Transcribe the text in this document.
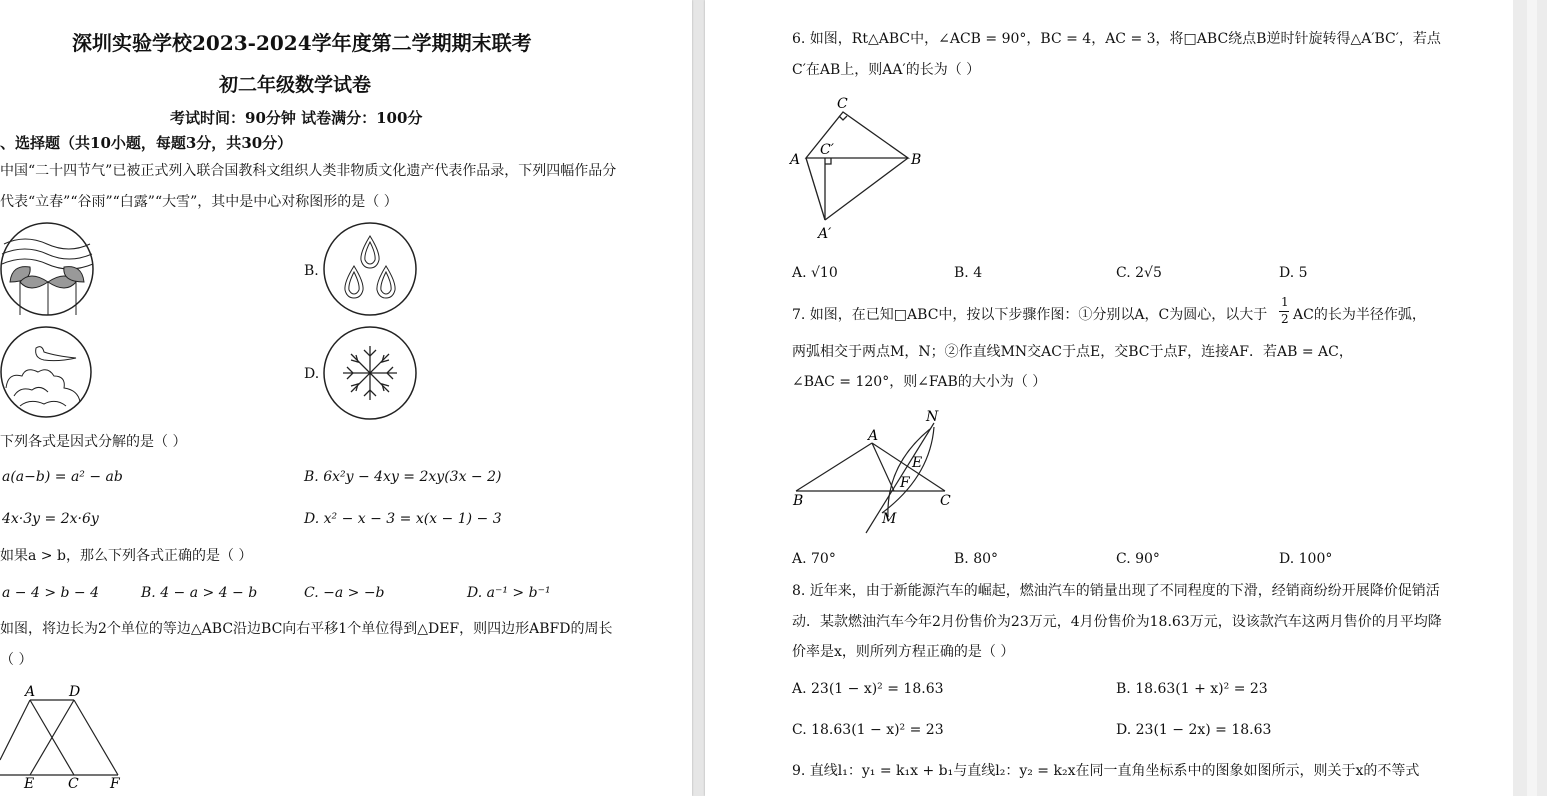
深圳实验学校2023-2024学年度第二学期期末联考
初二年级数学试卷
考试时间：90分钟 试卷满分：100分
、选择题（共10小题，每题3分，共30分）
中国“二十四节气”已被正式列入联合国教科文组织人类非物质文化遗产代表作品录，下列四幅作品分
代表“立春”“谷雨”“白露”“大雪”，其中是中心对称图形的是（ ）
B.
D.
下列各式是因式分解的是（ ）
a(a−b) = a² − ab	B. 6x²y − 4xy = 2xy(3x − 2)
4x·3y = 2x·6y	D. x² − x − 3 = x(x − 1) − 3
如果a > b，那么下列各式正确的是（ ）
a − 4 > b − 4	B. 4 − a > 4 − b	C. −a > −b	D. a⁻¹ > b⁻¹
如图，将边长为2个单位的等边△ABC沿边BC向右平移1个单位得到△DEF，则四边形ABFD的周长
（ ）
A D
E C F
6. 如图，Rt△ABC中，∠ACB = 90°，BC = 4，AC = 3，将□ABC绕点B逆时针旋转得△A′BC′，若点
C′在AB上，则AA′的长为（ ）
C
A
C′
B
A′
A. √10	B. 4	C. 2√5	D. 5
7. 如图，在已知□ABC中，按以下步骤作图：①分别以A，C为圆心，以大于
1
2 AC的长为半径作弧，
两弧相交于两点M，N；②作直线MN交AC于点E，交BC于点F，连接AF．若AB = AC，
∠BAC = 120°，则∠FAB的大小为（ ）
N
A
E
F
B	C
M
A. 70°	B. 80°	C. 90°	D. 100°
8. 近年来，由于新能源汽车的崛起，燃油汽车的销量出现了不同程度的下滑，经销商纷纷开展降价促销活
动．某款燃油汽车今年2月份售价为23万元，4月份售价为18.63万元，设该款汽车这两月售价的月平均降
价率是x，则所列方程正确的是（ ）
A. 23(1 − x)² = 18.63	B. 18.63(1 + x)² = 23
C. 18.63(1 − x)² = 23	D. 23(1 − 2x) = 18.63
9. 直线l₁：y₁ = k₁x + b₁与直线l₂：y₂ = k₂x在同一直角坐标系中的图象如图所示，则关于x的不等式
